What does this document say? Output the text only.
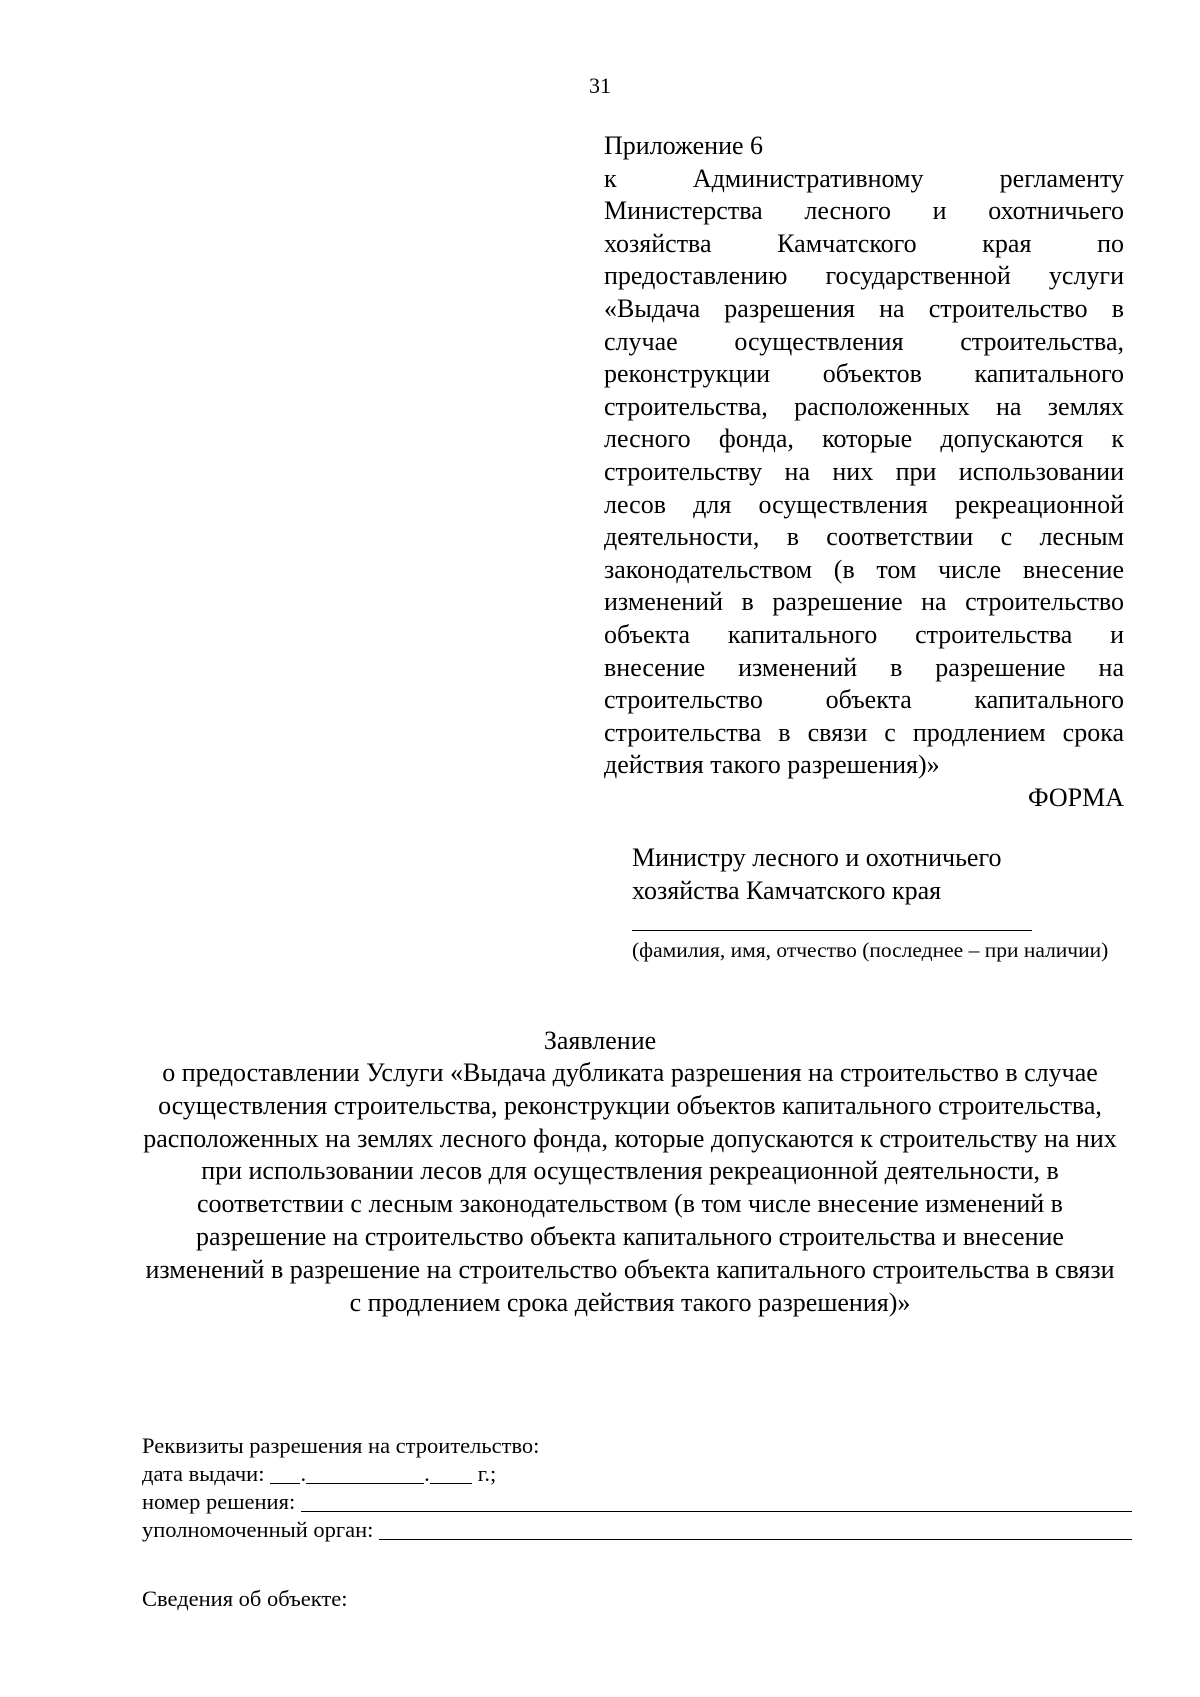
31
Приложение 6
к Административному регламенту Министерства лесного и охотничьего хозяйства Камчатского края по предоставлению государственной услуги «Выдача разрешения на строительство в случае осуществления строительства, реконструкции объектов капитального строительства, расположенных на землях лесного фонда, которые допускаются к строительству на них при использовании лесов для осуществления рекреационной деятельности, в соответствии с лесным законодательством (в том числе внесение изменений в разрешение на строительство объекта капитального строительства и внесение изменений в разрешение на строительство объекта капитального строительства в связи с продлением срока действия такого разрешения)»
ФОРМА
Министру лесного и охотничьего
хозяйства Камчатского края
(фамилия, имя, отчество (последнее – при наличии)
Заявление
о предоставлении Услуги «Выдача дубликата разрешения на строительство в случае осуществления строительства, реконструкции объектов капитального строительства, расположенных на землях лесного фонда, которые допускаются к строительству на них при использовании лесов для осуществления рекреационной деятельности, в соответствии с лесным законодательством (в том числе внесение изменений в разрешение на строительство объекта капитального строительства и внесение изменений в разрешение на строительство объекта капитального строительства в связи с продлением срока действия такого разрешения)»
Реквизиты разрешения на строительство:
дата выдачи: .	. г.;
номер решения:
уполномоченный орган:
Сведения об объекте:
